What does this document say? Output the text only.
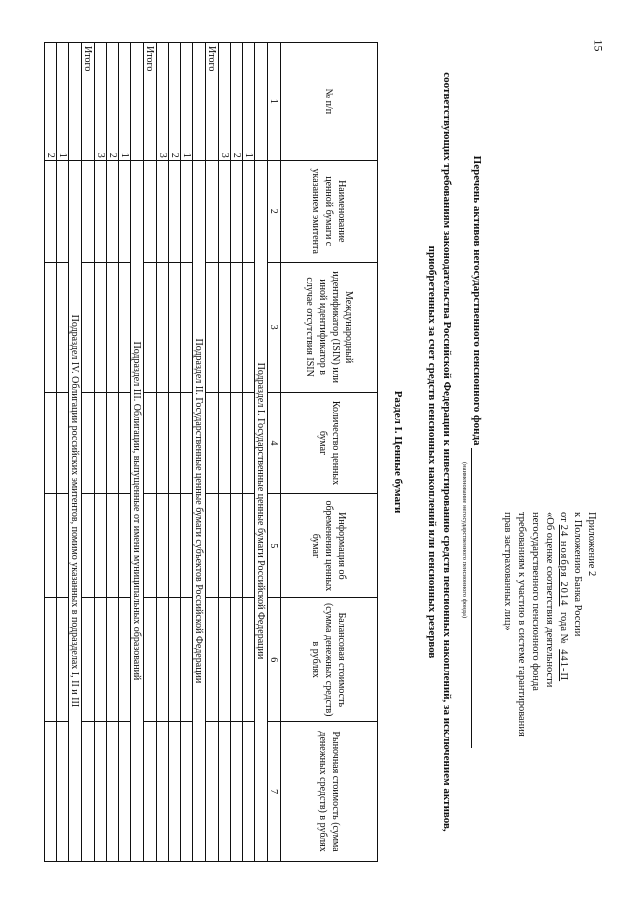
15
Приложение 2
к Положению Банка России
от24 ноября 2014 года № 441-П
«Об оценке соответствия деятельности
негосударственного пенсионного фонда
требованиям к участию в системе гарантирования
прав застрахованных лиц»
Перечень активов негосударственного пенсионного фонда
(наименование негосударственного пенсионного фонда)
соответствующих требованиям законодательства Российской Федерации к инвестированию средств пенсионных накоплений, за исключением активов, приобретенных за счет средств пенсионных накоплений или пенсионных резервов
Раздел I. Ценные бумаги
№ п/п	Наименование ценной бумаги с указанием эмитента	Международный идентификатор (ISIN) или иной идентификатор в случае отсутствия ISIN	Количество ценных бумаг	Информация об обременении ценных бумаг	Балансовая стоимость (сумма денежных средств) в рублях	Рыночная стоимость (сумма денежных средств) в рублях
1	2	3	4	5	6	7
	Подраздел I. Государственные ценные бумаги Российской Федерации					
1						
2						
3						
Итого						
	Подраздел II. Государственные ценные бумаги субъектов Российской Федерации					
1						
2						
3						
Итого						
	Подраздел III. Облигации, выпущенные от имени муниципальных образований					
1						
2						
3						
Итого						
	Подраздел IV. Облигации российских эмитентов, помимо указанных в подразделах I, II и III					
1						
2						
